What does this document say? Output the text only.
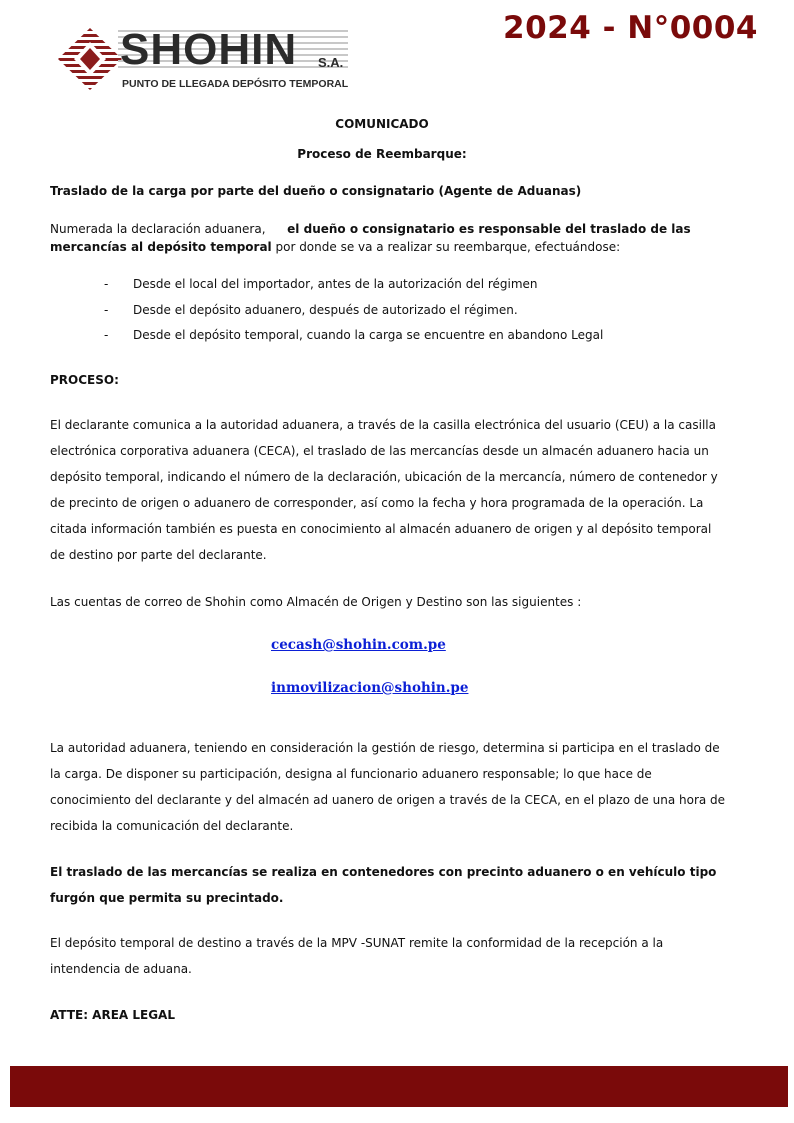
SHOHIN S.A.
PUNTO DE LLEGADA DEPÓSITO TEMPORAL
2024 - N°0004
COMUNICADO
Proceso de Reembarque:
Traslado de la carga por parte del dueño o consignatario (Agente de Aduanas)
Numerada la declaración aduanera, el dueño o consignatario es responsable del traslado de las mercancías al depósito temporal por donde se va a realizar su reembarque, efectuándose:
-	Desde el local del importador, antes de la autorización del régimen
-	Desde el depósito aduanero, después de autorizado el régimen.
-	Desde el depósito temporal, cuando la carga se encuentre en abandono Legal
PROCESO:
El declarante comunica a la autoridad aduanera, a través de la casilla electrónica del usuario (CEU) a la casilla electrónica corporativa aduanera (CECA), el traslado de las mercancías desde un almacén aduanero hacia un depósito temporal, indicando el número de la declaración, ubicación de la mercancía, número de contenedor y de precinto de origen o aduanero de corresponder, así como la fecha y hora programada de la operación. La citada información también es puesta en conocimiento al almacén aduanero de origen y al depósito temporal de destino por parte del declarante.
Las cuentas de correo de Shohin como Almacén de Origen y Destino son las siguientes :
cecash@shohin.com.pe
inmovilizacion@shohin.pe
La autoridad aduanera, teniendo en consideración la gestión de riesgo, determina si participa en el traslado de la carga. De disponer su participación, designa al funcionario aduanero responsable; lo que hace de conocimiento del declarante y del almacén ad uanero de origen a través de la CECA, en el plazo de una hora de recibida la comunicación del declarante.
El traslado de las mercancías se realiza en contenedores con precinto aduanero o en vehículo tipo furgón que permita su precintado.
El depósito temporal de destino a través de la MPV -SUNAT remite la conformidad de la recepción a la intendencia de aduana.
ATTE: AREA LEGAL
